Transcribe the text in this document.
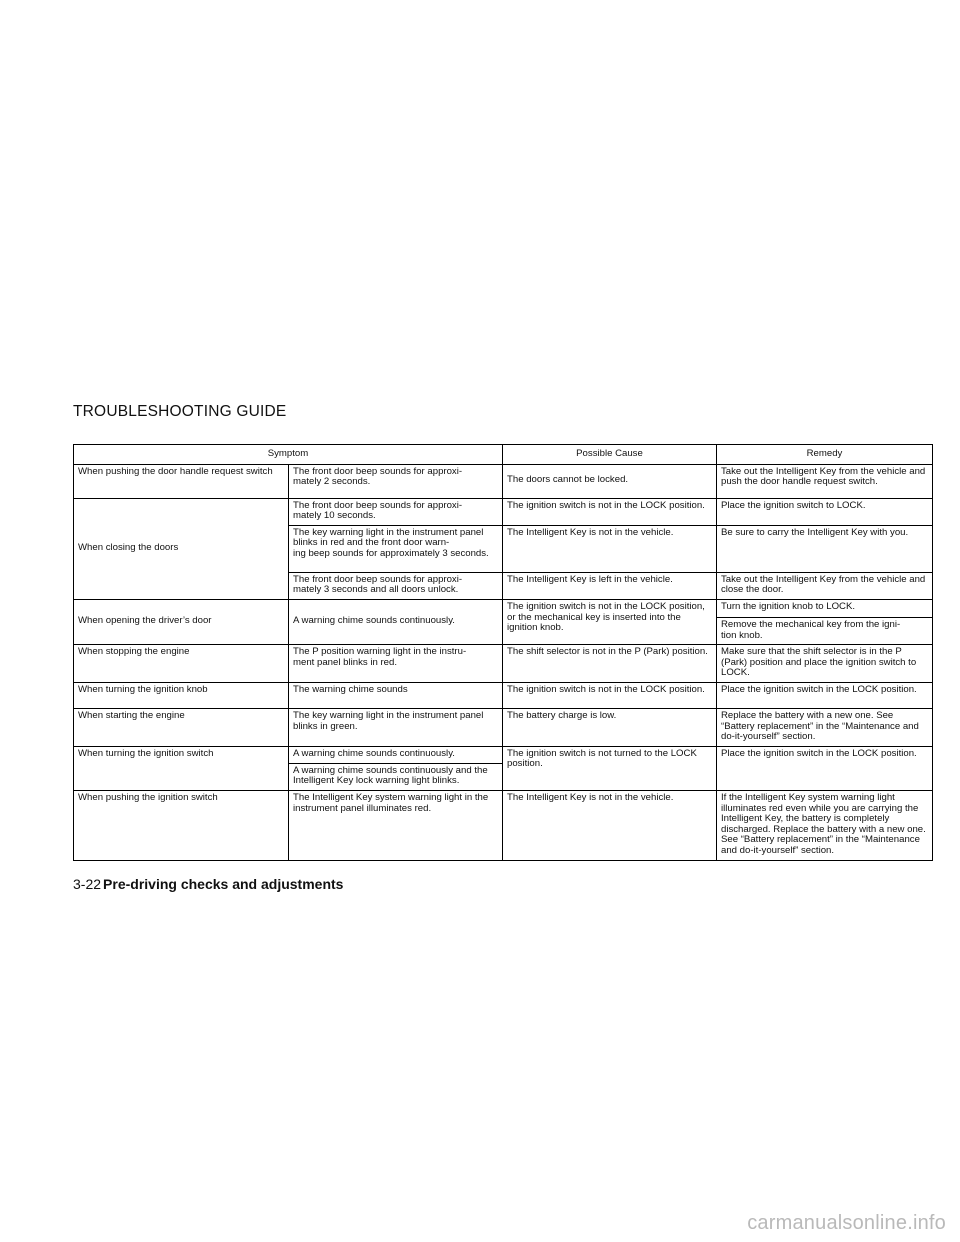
TROUBLESHOOTING GUIDE
Symptom		Possible Cause	Remedy
When pushing the door handle request switch	The front door beep sounds for approxi-
mately 2 seconds.	The doors cannot be locked.	Take out the Intelligent Key from the vehicle and push the door handle request switch.
When closing the doors	The front door beep sounds for approxi-
mately 10 seconds.	The ignition switch is not in the LOCK position.	Place the ignition switch to LOCK.
	The key warning light in the instrument panel blinks in red and the front door warn-
ing beep sounds for approximately 3 seconds.	The Intelligent Key is not in the vehicle.	Be sure to carry the Intelligent Key with you.
	The front door beep sounds for approxi-
mately 3 seconds and all doors unlock.	The Intelligent Key is left in the vehicle.	Take out the Intelligent Key from the vehicle and close the door.
When opening the driver’s door	A warning chime sounds continuously.	The ignition switch is not in the LOCK position, or the mechanical key is inserted into the ignition knob.	Turn the ignition knob to LOCK.
			Remove the mechanical key from the igni-
tion knob.
When stopping the engine	The P position warning light in the instru-
ment panel blinks in red.	The shift selector is not in the P (Park) position.	Make sure that the shift selector is in the P (Park) position and place the ignition switch to LOCK.
When turning the ignition knob	The warning chime sounds	The ignition switch is not in the LOCK position.	Place the ignition switch in the LOCK position.
When starting the engine	The key warning light in the instrument panel blinks in green.	The battery charge is low.	Replace the battery with a new one. See “Battery replacement” in the “Maintenance and do-it-yourself” section.
When turning the ignition switch	A warning chime sounds continuously.	The ignition switch is not turned to the LOCK position.	Place the ignition switch in the LOCK position.
	A warning chime sounds continuously and the Intelligent Key lock warning light blinks.		
When pushing the ignition switch	The Intelligent Key system warning light in the instrument panel illuminates red.	The Intelligent Key is not in the vehicle.	If the Intelligent Key system warning light illuminates red even while you are carrying the Intelligent Key, the battery is completely discharged. Replace the battery with a new one. See “Battery replacement” in the “Maintenance and do-it-yourself” section.
3-22 Pre-driving checks and adjustments
carmanualsonline.info
